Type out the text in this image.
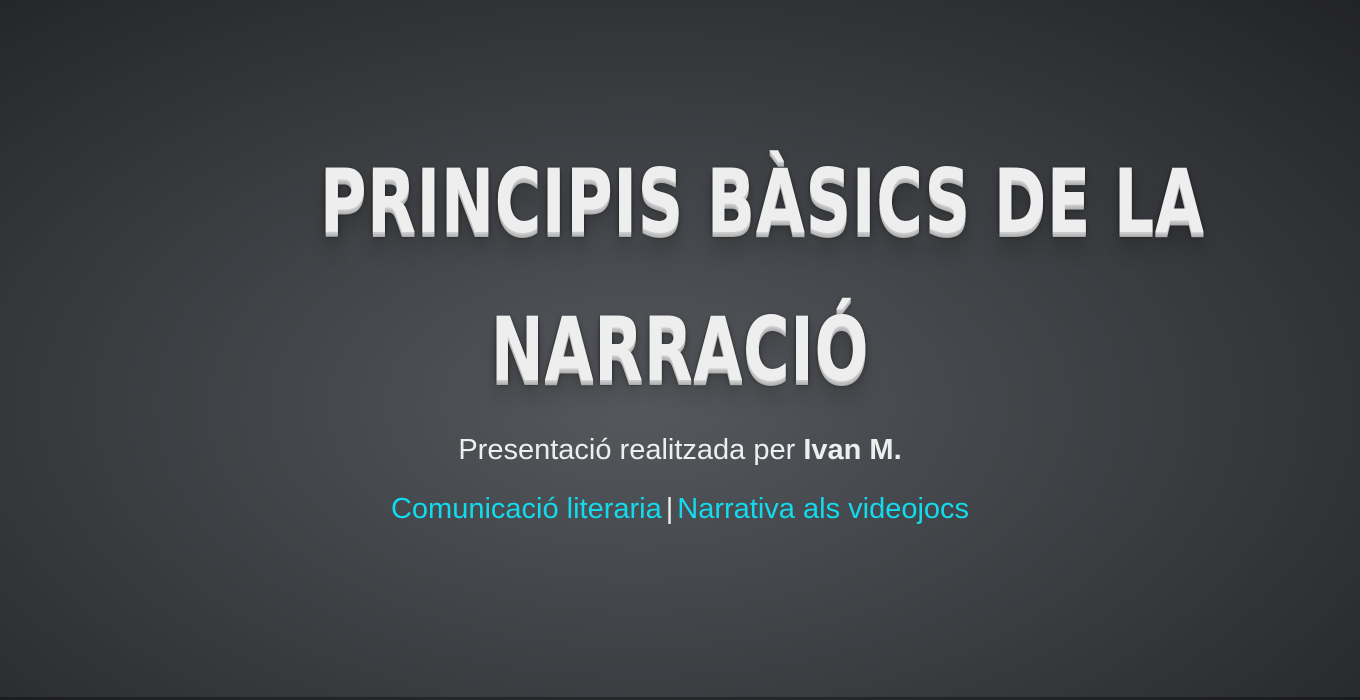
PRINCIPIS BÀSICS DE LA
NARRACIÓ

Presentació realitzada per Ivan M.

Comunicació literaria | Narrativa als videojocs
